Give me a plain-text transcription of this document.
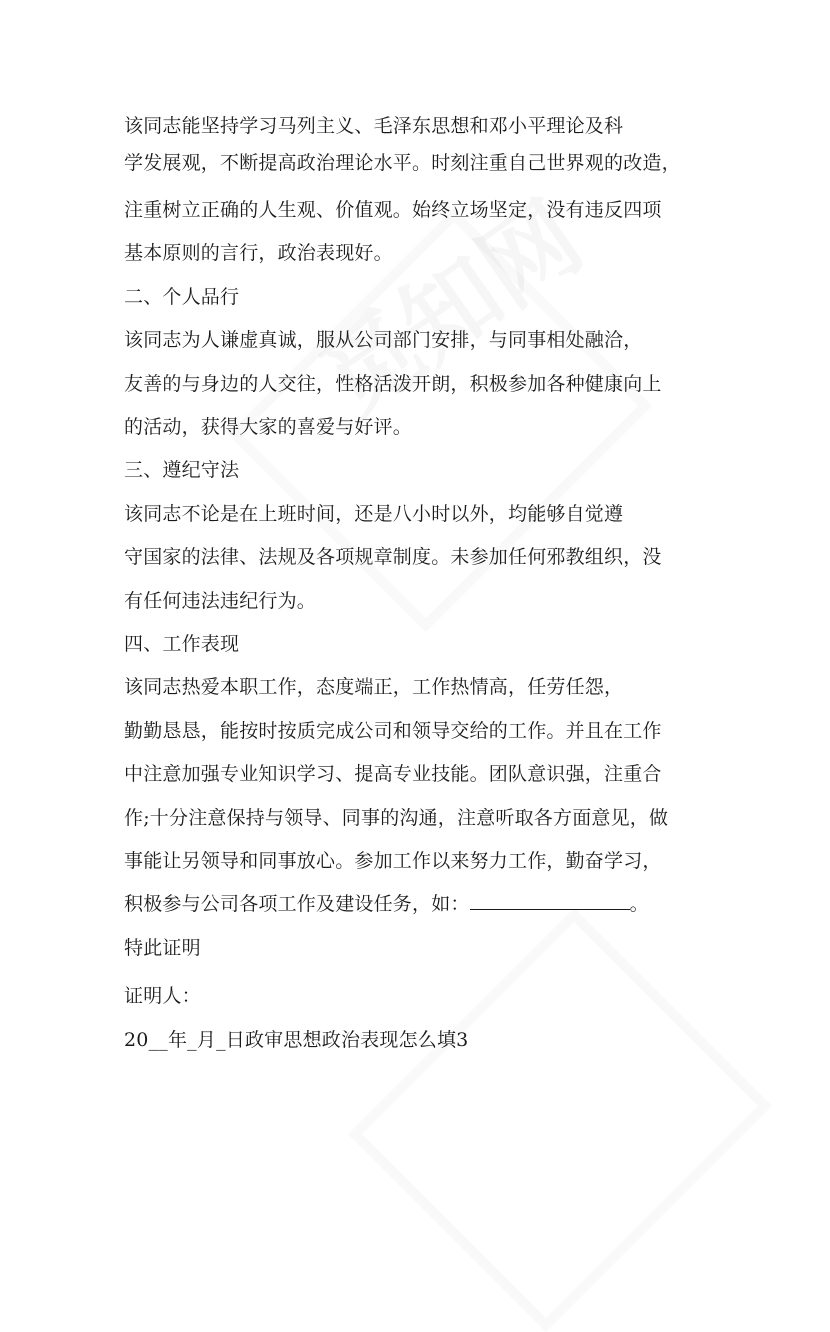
该同志能坚持学习马列主义、毛泽东思想和邓小平理论及科
学发展观，不断提高政治理论水平。时刻注重自己世界观的改造，
注重树立正确的人生观、价值观。始终立场坚定，没有违反四项
基本原则的言行，政治表现好。
二、个人品行
该同志为人谦虚真诚，服从公司部门安排，与同事相处融洽，
友善的与身边的人交往，性格活泼开朗，积极参加各种健康向上
的活动，获得大家的喜爱与好评。
三、遵纪守法
该同志不论是在上班时间，还是八小时以外，均能够自觉遵
守国家的法律、法规及各项规章制度。未参加任何邪教组织，没
有任何违法违纪行为。
四、工作表现
该同志热爱本职工作，态度端正，工作热情高，任劳任怨，
勤勤恳恳，能按时按质完成公司和领导交给的工作。并且在工作
中注意加强专业知识学习、提高专业技能。团队意识强，注重合
作;十分注意保持与领导、同事的沟通，注意听取各方面意见，做
事能让另领导和同事放心。参加工作以来努力工作，勤奋学习，
积极参与公司各项工作及建设任务，如：	。
特此证明
证明人：
20__年_月_日政审思想政治表现怎么填3
